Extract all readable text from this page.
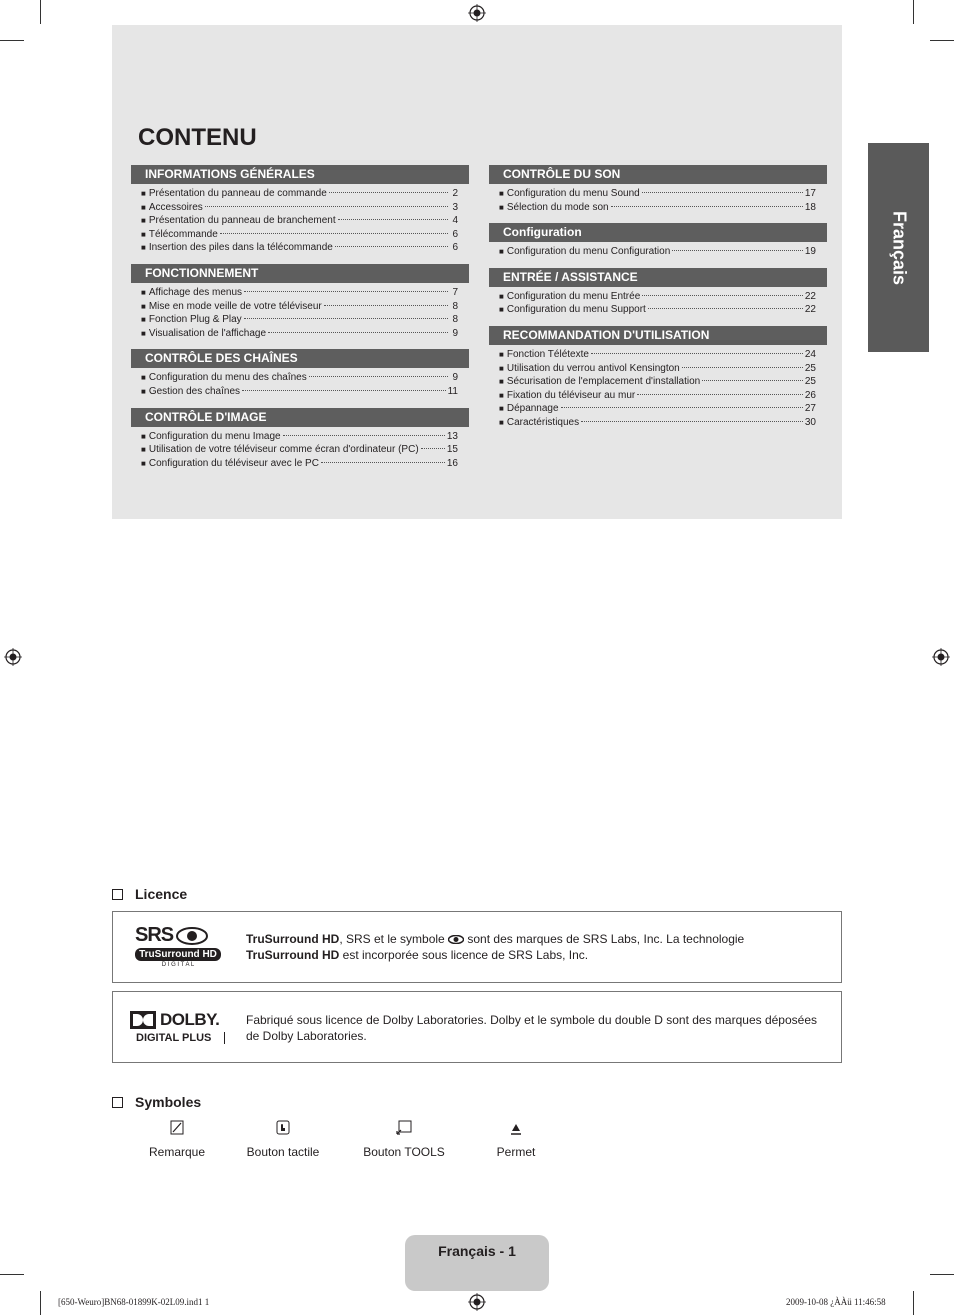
CONTENU
INFORMATIONS GÉNÉRALES
■ Présentation du panneau de commande	2
■ Accessoires	3
■ Présentation du panneau de branchement	4
■ Télécommande	6
■ Insertion des piles dans la télécommande	6
FONCTIONNEMENT
■ Affichage des menus	7
■ Mise en mode veille de votre téléviseur	8
■ Fonction Plug & Play	8
■ Visualisation de l'affichage	9
CONTRÔLE DES CHAÎNES
■ Configuration du menu des chaînes	9
■ Gestion des chaînes	11
CONTRÔLE D'IMAGE
■ Configuration du menu Image	13
■ Utilisation de votre téléviseur comme écran d'ordinateur (PC)	15
■ Configuration du téléviseur avec le PC	16
CONTRÔLE DU SON
■ Configuration du menu Sound	17
■ Sélection du mode son	18
Configuration
■ Configuration du menu Configuration	19
ENTRÉE / ASSISTANCE
■ Configuration du menu Entrée	22
■ Configuration du menu Support	22
RECOMMANDATION D'UTILISATION
■ Fonction Télétexte	24
■ Utilisation du verrou antivol Kensington	25
■ Sécurisation de l'emplacement d'installation	25
■ Fixation du téléviseur au mur	26
■ Dépannage	27
■ Caractéristiques	30
Français
Licence
SRS
TruSurround HD
D I G I T A L
TruSurround HD, SRS et le symbole  sont des marques de SRS Labs, Inc. La technologie
TruSurround HD est incorporée sous licence de SRS Labs, Inc.
DOLBY.
DIGITAL PLUS
Fabriqué sous licence de Dolby Laboratories. Dolby et le symbole du double D sont des marques déposées de Dolby Laboratories.
Symboles
Remarque	Bouton tactile	Bouton TOOLS	Permet
Français - 1
[650-Weuro]BN68-01899K-02L09.ind1 1	2009-10-08 ¿ÀÀü 11:46:58
